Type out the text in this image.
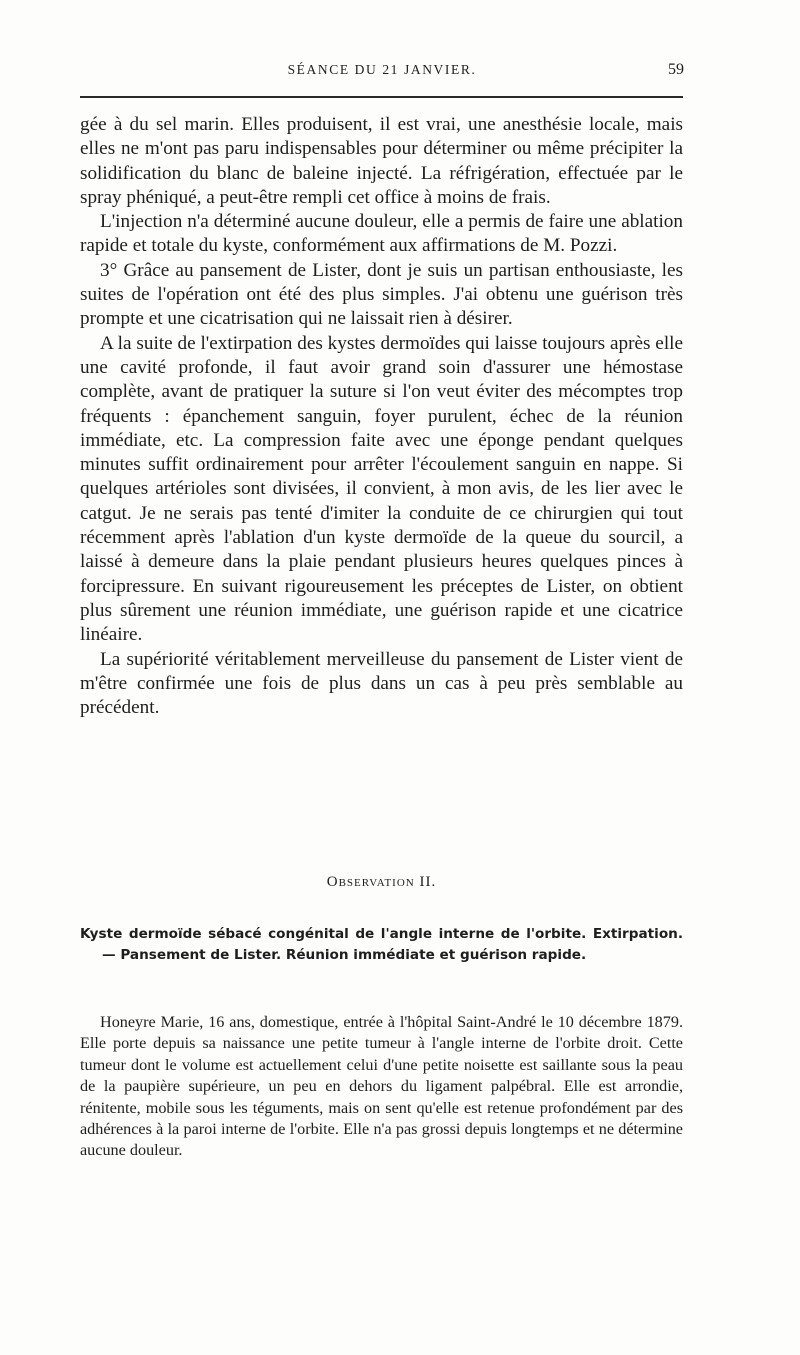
SÉANCE DU 21 JANVIER.	59

gée à du sel marin. Elles produisent, il est vrai, une anesthésie locale, mais elles ne m'ont pas paru indispensables pour déterminer ou même précipiter la solidification du blanc de baleine injecté. La réfrigération, effectuée par le spray phéniqué, a peut-être rempli cet office à moins de frais.

L'injection n'a déterminé aucune douleur, elle a permis de faire une ablation rapide et totale du kyste, conformément aux affirmations de M. Pozzi.

3° Grâce au pansement de Lister, dont je suis un partisan enthousiaste, les suites de l'opération ont été des plus simples. J'ai obtenu une guérison très prompte et une cicatrisation qui ne laissait rien à désirer.

A la suite de l'extirpation des kystes dermoïdes qui laisse toujours après elle une cavité profonde, il faut avoir grand soin d'assurer une hémostase complète, avant de pratiquer la suture si l'on veut éviter des mécomptes trop fréquents : épanchement sanguin, foyer purulent, échec de la réunion immédiate, etc. La compression faite avec une éponge pendant quelques minutes suffit ordinairement pour arrêter l'écoulement sanguin en nappe. Si quelques artérioles sont divisées, il convient, à mon avis, de les lier avec le catgut. Je ne serais pas tenté d'imiter la conduite de ce chirurgien qui tout récemment après l'ablation d'un kyste dermoïde de la queue du sourcil, a laissé à demeure dans la plaie pendant plusieurs heures quelques pinces à forcipressure. En suivant rigoureusement les préceptes de Lister, on obtient plus sûrement une réunion immédiate, une guérison rapide et une cicatrice linéaire.

La supériorité véritablement merveilleuse du pansement de Lister vient de m'être confirmée une fois de plus dans un cas à peu près semblable au précédent.

Observation II.
Kyste dermoïde sébacé congénital de l'angle interne de l'orbite. Extirpation. — Pansement de Lister. Réunion immédiate et guérison rapide.
Honeyre Marie, 16 ans, domestique, entrée à l'hôpital Saint-André le 10 décembre 1879. Elle porte depuis sa naissance une petite tumeur à l'angle interne de l'orbite droit. Cette tumeur dont le volume est actuellement celui d'une petite noisette est saillante sous la peau de la paupière supérieure, un peu en dehors du ligament palpébral. Elle est arrondie, rénitente, mobile sous les téguments, mais on sent qu'elle est retenue profondément par des adhérences à la paroi interne de l'orbite. Elle n'a pas grossi depuis longtemps et ne détermine aucune douleur.
